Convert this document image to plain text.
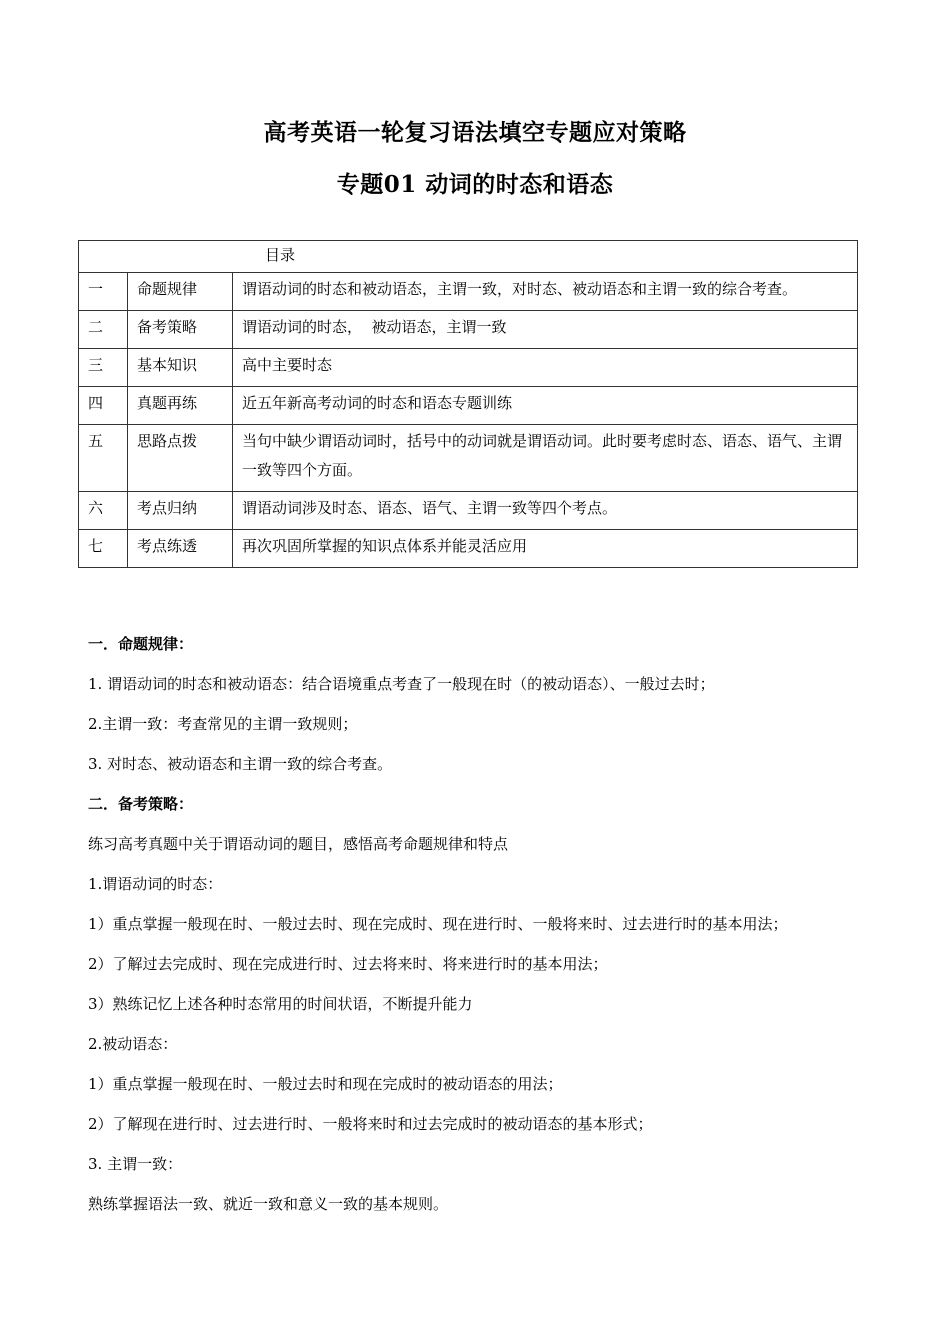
高考英语一轮复习语法填空专题应对策略
专题01 动词的时态和语态
目录		
一	命题规律	谓语动词的时态和被动语态，主谓一致，对时态、被动语态和主谓一致的综合考查。
二	备考策略	谓语动词的时态，  被动语态，主谓一致
三	基本知识	高中主要时态
四	真题再练	近五年新高考动词的时态和语态专题训练
五	思路点拨	当句中缺少谓语动词时，括号中的动词就是谓语动词。此时要考虑时态、语态、语气、主谓一致等四个方面。
六	考点归纳	谓语动词涉及时态、语态、语气、主谓一致等四个考点。
七	考点练透	再次巩固所掌握的知识点体系并能灵活应用

一．命题规律：

1. 谓语动词的时态和被动语态：结合语境重点考查了一般现在时（的被动语态）、一般过去时；

2.主谓一致：考查常见的主谓一致规则；

3. 对时态、被动语态和主谓一致的综合考查。

二．备考策略：

练习高考真题中关于谓语动词的题目，感悟高考命题规律和特点

1.谓语动词的时态：

1）重点掌握一般现在时、一般过去时、现在完成时、现在进行时、一般将来时、过去进行时的基本用法；

2）了解过去完成时、现在完成进行时、过去将来时、将来进行时的基本用法；

3）熟练记忆上述各种时态常用的时间状语，不断提升能力

2.被动语态：

1）重点掌握一般现在时、一般过去时和现在完成时的被动语态的用法；

2）了解现在进行时、过去进行时、一般将来时和过去完成时的被动语态的基本形式；

3. 主谓一致：

熟练掌握语法一致、就近一致和意义一致的基本规则。
